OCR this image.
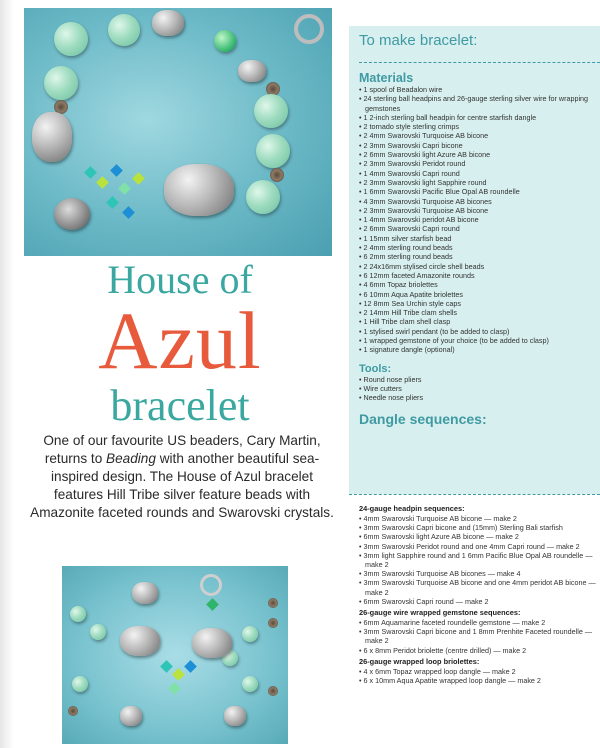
House of
Azul
bracelet
One of our favourite US beaders, Cary Martin, returns to Beading with another beautiful sea-inspired design. The House of Azul bracelet features Hill Tribe silver feature beads with Amazonite faceted rounds and Swarovski crystals.
To make bracelet:
Materials
• 1 spool of Beadalon wire
• 24 sterling ball headpins and 26-gauge sterling silver wire for wrapping gemstones
• 1 2-inch sterling ball headpin for centre starfish dangle
• 2 tornado style sterling crimps
• 2 4mm Swarovski Turquoise AB bicone
• 2 3mm Swarovski Capri bicone
• 2 6mm Swarovski light Azure AB bicone
• 2 3mm Swarovski Peridot round
• 1 4mm Swarovski Capri round
• 2 3mm Swarovski light Sapphire round
• 1 6mm Swarovski Pacific Blue Opal AB roundelle
• 4 3mm Swarovski Turquoise AB bicones
• 2 3mm Swarovski Turquoise AB bicone
• 1 4mm Swarovski peridot AB bicone
• 2 6mm Swarovski Capri round
• 1 15mm silver starfish bead
• 2 4mm sterling round beads
• 6 2mm sterling round beads
• 2 24x16mm stylised circle shell beads
• 6 12mm faceted Amazonite rounds
• 4 6mm Topaz briolettes
• 6 10mm Aqua Apatite briolettes
• 12 8mm Sea Urchin style caps
• 2 14mm Hill Tribe clam shells
• 1 Hill Tribe clam shell clasp
• 1 stylised swirl pendant (to be added to clasp)
• 1 wrapped gemstone of your choice (to be added to clasp)
• 1 signature dangle (optional)
Tools:
• Round nose pliers
• Wire cutters
• Needle nose pliers
Dangle sequences:
24-gauge headpin sequences:
• 4mm Swarovski Turquoise AB bicone — make 2
• 3mm Swarovski Capri bicone and (15mm) Sterling Bali starfish
• 6mm Swarovski light Azure AB bicone — make 2
• 3mm Swarovski Peridot round and one 4mm Capri round — make 2
• 3mm light Sapphire round and 1 6mm Pacific Blue Opal AB roundelle — make 2
• 3mm Swarovski Turquoise AB bicones — make 4
• 3mm Swarovski Turquoise AB bicone and one 4mm peridot AB bicone — make 2
• 6mm Swarovski Capri round — make 2
26-gauge wire wrapped gemstone sequences:
• 6mm Aquamarine faceted roundelle gemstone — make 2
• 3mm Swarovski Capri bicone and 1 8mm Prenhite Faceted roundelle — make 2
• 6 x 8mm Peridot briolette (centre drilled) — make 2
26-gauge wrapped loop briolettes:
• 4 x 6mm Topaz wrapped loop dangle — make 2
• 6 x 10mm Aqua Apatite wrapped loop dangle — make 2
